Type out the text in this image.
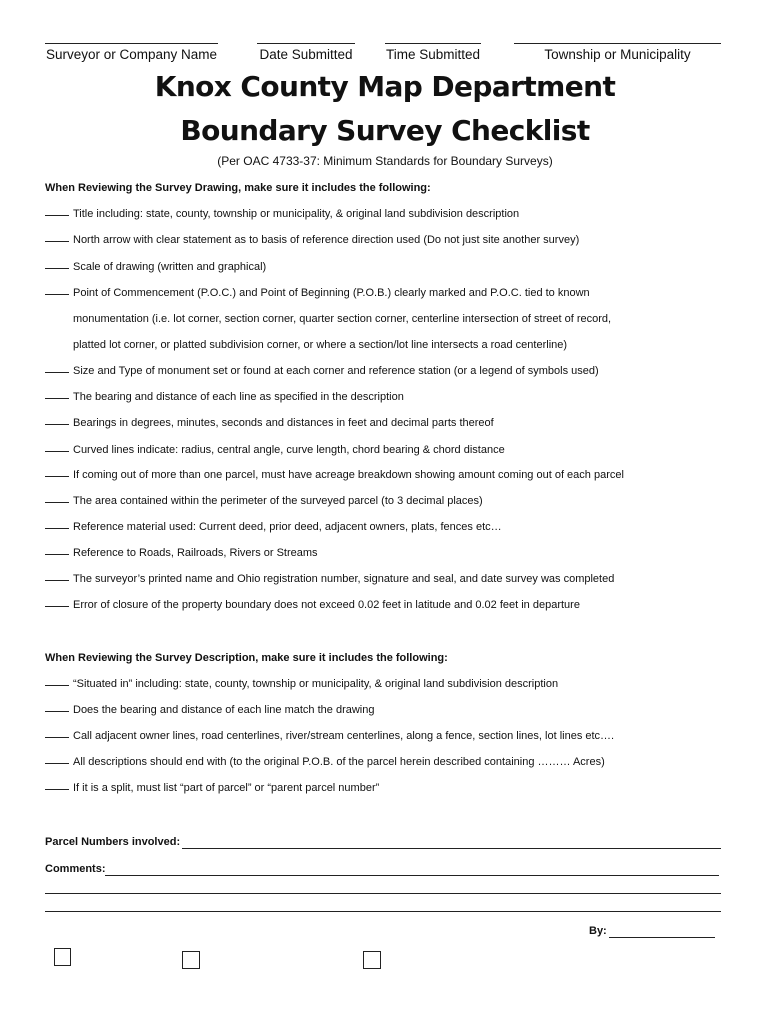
Surveyor or Company Name	Date Submitted	Time Submitted	Township or Municipality
Knox County Map Department
Boundary Survey Checklist
(Per OAC 4733-37: Minimum Standards for Boundary Surveys)
When Reviewing the Survey Drawing, make sure it includes the following:
Title including: state, county, township or municipality, & original land subdivision description
North arrow with clear statement as to basis of reference direction used (Do not just site another survey)
Scale of drawing (written and graphical)
Point of Commencement (P.O.C.) and Point of Beginning (P.O.B.) clearly marked and P.O.C. tied to known
monumentation (i.e. lot corner, section corner, quarter section corner, centerline intersection of street of record,
platted lot corner, or platted subdivision corner, or where a section/lot line intersects a road centerline)
Size and Type of monument set or found at each corner and reference station (or a legend of symbols used)
The bearing and distance of each line as specified in the description
Bearings in degrees, minutes, seconds and distances in feet and decimal parts thereof
Curved lines indicate: radius, central angle, curve length, chord bearing & chord distance
If coming out of more than one parcel, must have acreage breakdown showing amount coming out of each parcel
The area contained within the perimeter of the surveyed parcel (to 3 decimal places)
Reference material used: Current deed, prior deed, adjacent owners, plats, fences etc…
Reference to Roads, Railroads, Rivers or Streams
The surveyor’s printed name and Ohio registration number, signature and seal, and date survey was completed
Error of closure of the property boundary does not exceed 0.02 feet in latitude and 0.02 feet in departure
When Reviewing the Survey Description, make sure it includes the following:
“Situated in” including: state, county, township or municipality, & original land subdivision description
Does the bearing and distance of each line match the drawing
Call adjacent owner lines, road centerlines, river/stream centerlines, along a fence, section lines, lot lines etc….
All descriptions should end with (to the original P.O.B. of the parcel herein described containing ……… Acres)
If it is a split, must list “part of parcel” or “parent parcel number”
Parcel Numbers involved:
Comments:
By:
